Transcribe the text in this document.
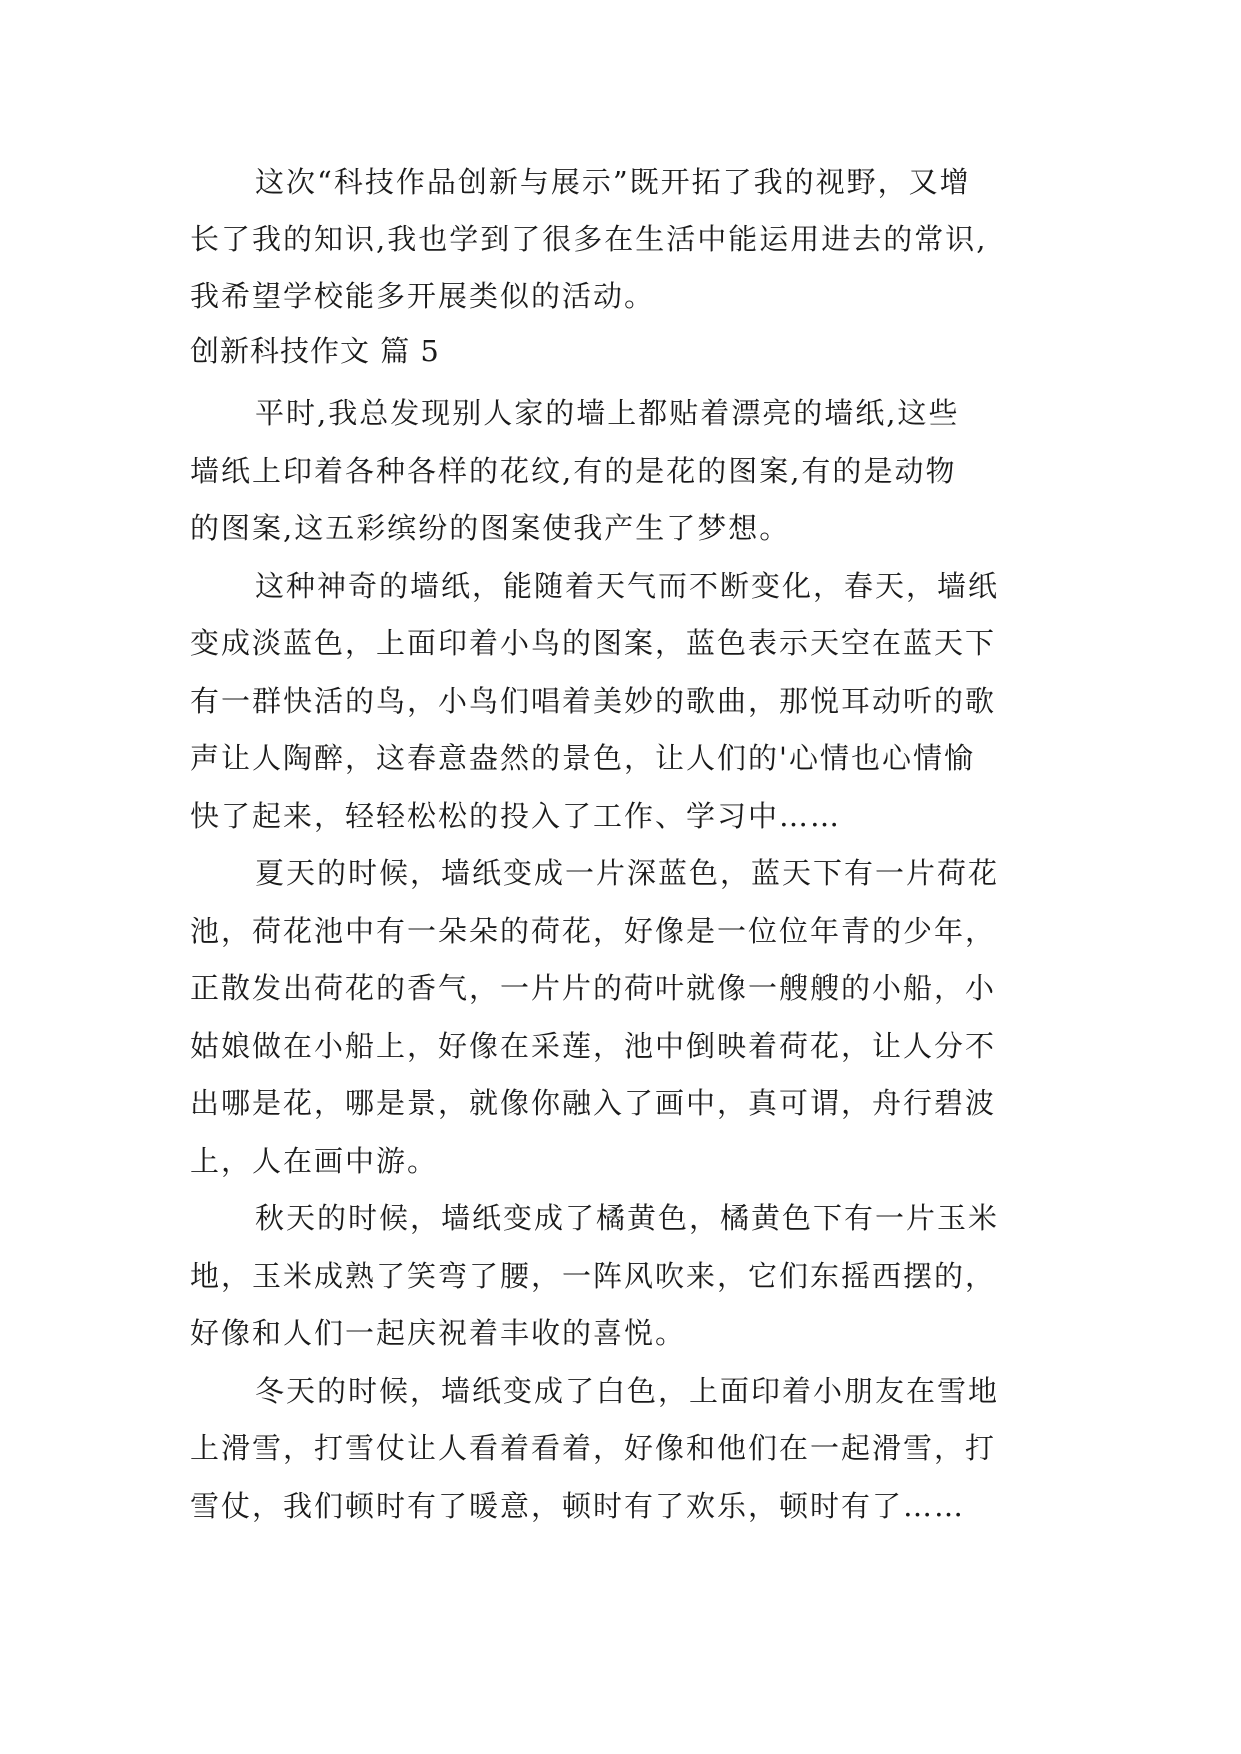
这次“科技作品创新与展示”既开拓了我的视野，又增

长了我的知识,我也学到了很多在生活中能运用进去的常识,

我希望学校能多开展类似的活动。

创新科技作文 篇 5

平时,我总发现别人家的墙上都贴着漂亮的墙纸,这些

墙纸上印着各种各样的花纹,有的是花的图案,有的是动物

的图案,这五彩缤纷的图案使我产生了梦想。

这种神奇的墙纸，能随着天气而不断变化，春天，墙纸

变成淡蓝色，上面印着小鸟的图案，蓝色表示天空在蓝天下

有一群快活的鸟，小鸟们唱着美妙的歌曲，那悦耳动听的歌

声让人陶醉，这春意盎然的景色，让人们的'心情也心情愉

快了起来，轻轻松松的投入了工作、学习中……

夏天的时候，墙纸变成一片深蓝色，蓝天下有一片荷花

池，荷花池中有一朵朵的荷花，好像是一位位年青的少年，

正散发出荷花的香气，一片片的荷叶就像一艘艘的小船，小

姑娘做在小船上，好像在采莲，池中倒映着荷花，让人分不

出哪是花，哪是景，就像你融入了画中，真可谓，舟行碧波

上，人在画中游。

秋天的时候，墙纸变成了橘黄色，橘黄色下有一片玉米

地，玉米成熟了笑弯了腰，一阵风吹来，它们东摇西摆的，

好像和人们一起庆祝着丰收的喜悦。

冬天的时候，墙纸变成了白色，上面印着小朋友在雪地

上滑雪，打雪仗让人看着看着，好像和他们在一起滑雪，打

雪仗，我们顿时有了暖意，顿时有了欢乐，顿时有了……
